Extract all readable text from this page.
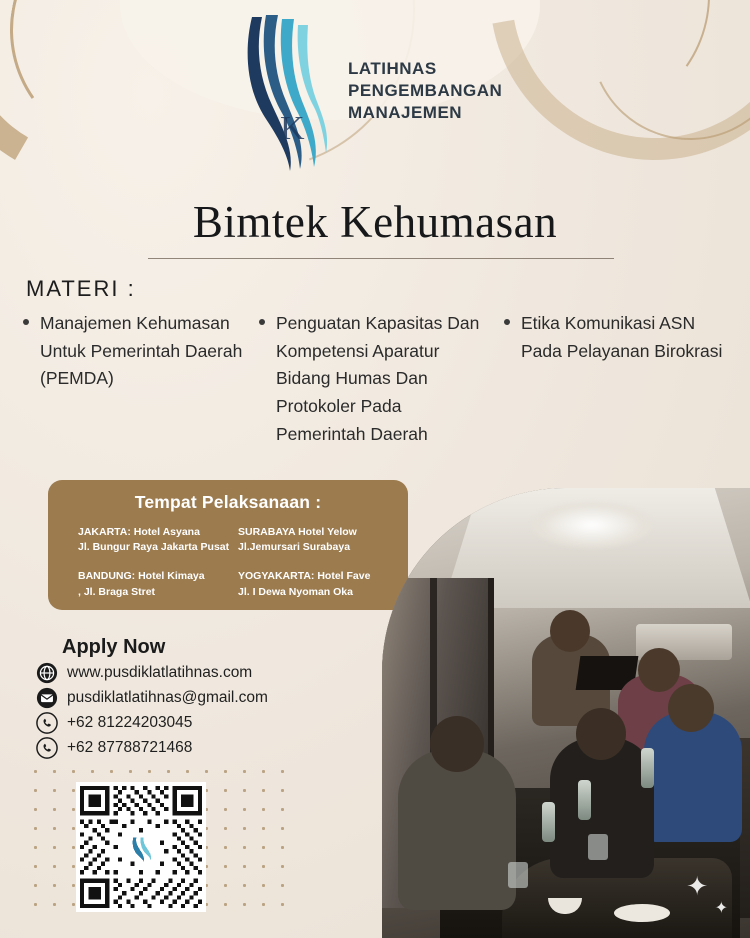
K
LATIHNAS
PENGEMBANGAN
MANAJEMEN
Bimtek Kehumasan
MATERI :
Manajemen Kehumasan Untuk Pemerintah Daerah (PEMDA)
Penguatan Kapasitas Dan Kompetensi Aparatur Bidang Humas Dan Protokoler Pada Pemerintah Daerah
Etika Komunikasi ASN Pada Pelayanan Birokrasi
Tempat Pelaksanaan :
JAKARTA: Hotel Asyana
Jl. Bungur Raya Jakarta Pusat
SURABAYA Hotel Yelow
Jl.Jemursari Surabaya
BANDUNG: Hotel Kimaya
, Jl. Braga Stret
YOGYAKARTA: Hotel Fave
Jl. I Dewa Nyoman Oka
Apply Now
www.pusdiklatlatihnas.com
pusdiklatlatihnas@gmail.com
+62 81224203045
+62 87788721468
✦
✦
